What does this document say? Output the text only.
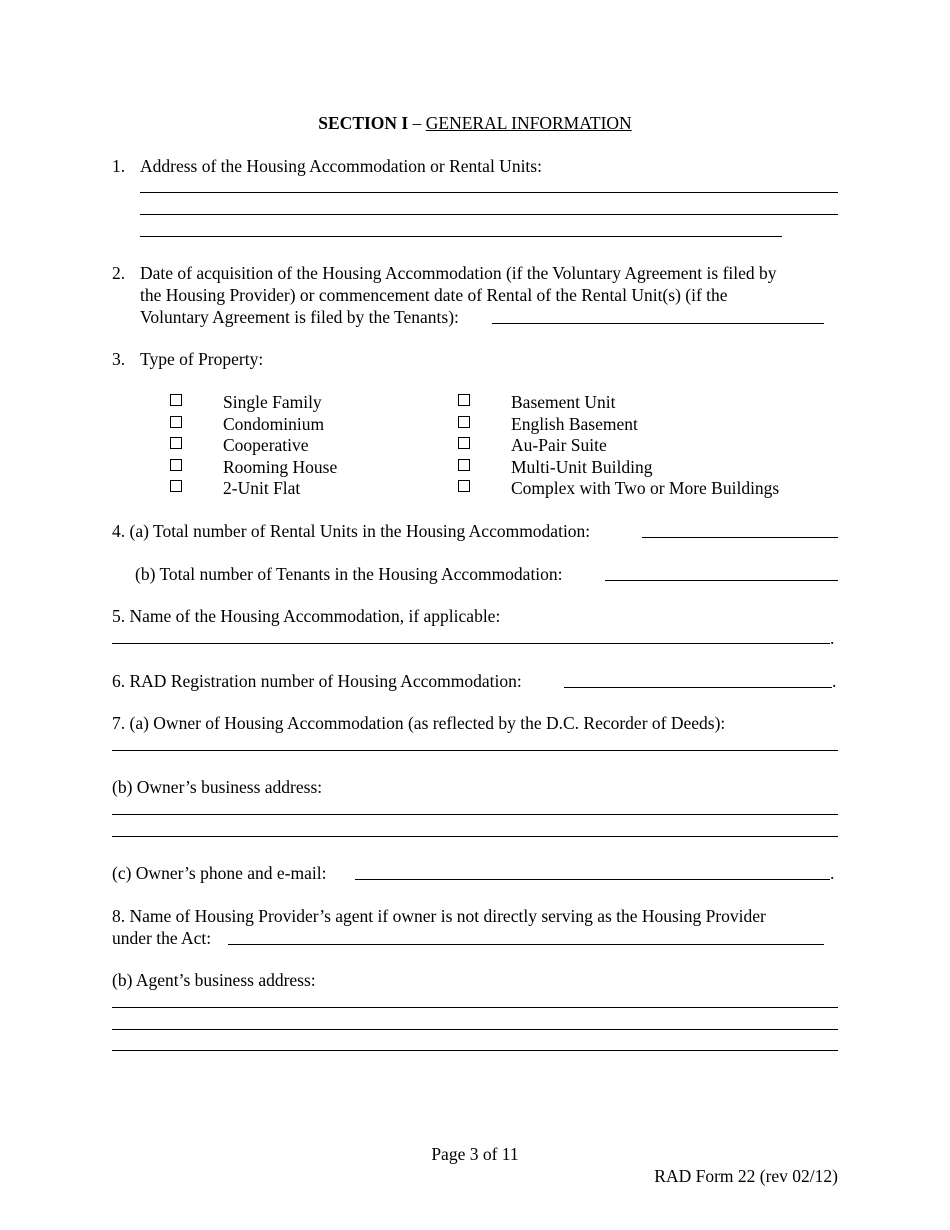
SECTION I – GENERAL INFORMATION
1. Address of the Housing Accommodation or Rental Units:
2. Date of acquisition of the Housing Accommodation (if the Voluntary Agreement is filed by
the Housing Provider) or commencement date of Rental of the Rental Unit(s) (if the
Voluntary Agreement is filed by the Tenants):
3. Type of Property:
Single Family
Condominium
Cooperative
Rooming House
2-Unit Flat
Basement Unit
English Basement
Au-Pair Suite
Multi-Unit Building
Complex with Two or More Buildings
4. (a) Total number of Rental Units in the Housing Accommodation:
(b) Total number of Tenants in the Housing Accommodation:
5. Name of the Housing Accommodation, if applicable:
.
6. RAD Registration number of Housing Accommodation:	.
7. (a) Owner of Housing Accommodation (as reflected by the D.C. Recorder of Deeds):
(b) Owner’s business address:
(c) Owner’s phone and e-mail:	.
8. Name of Housing Provider’s agent if owner is not directly serving as the Housing Provider
under the Act:
(b) Agent’s business address:
Page 3 of 11
RAD Form 22 (rev 02/12)
